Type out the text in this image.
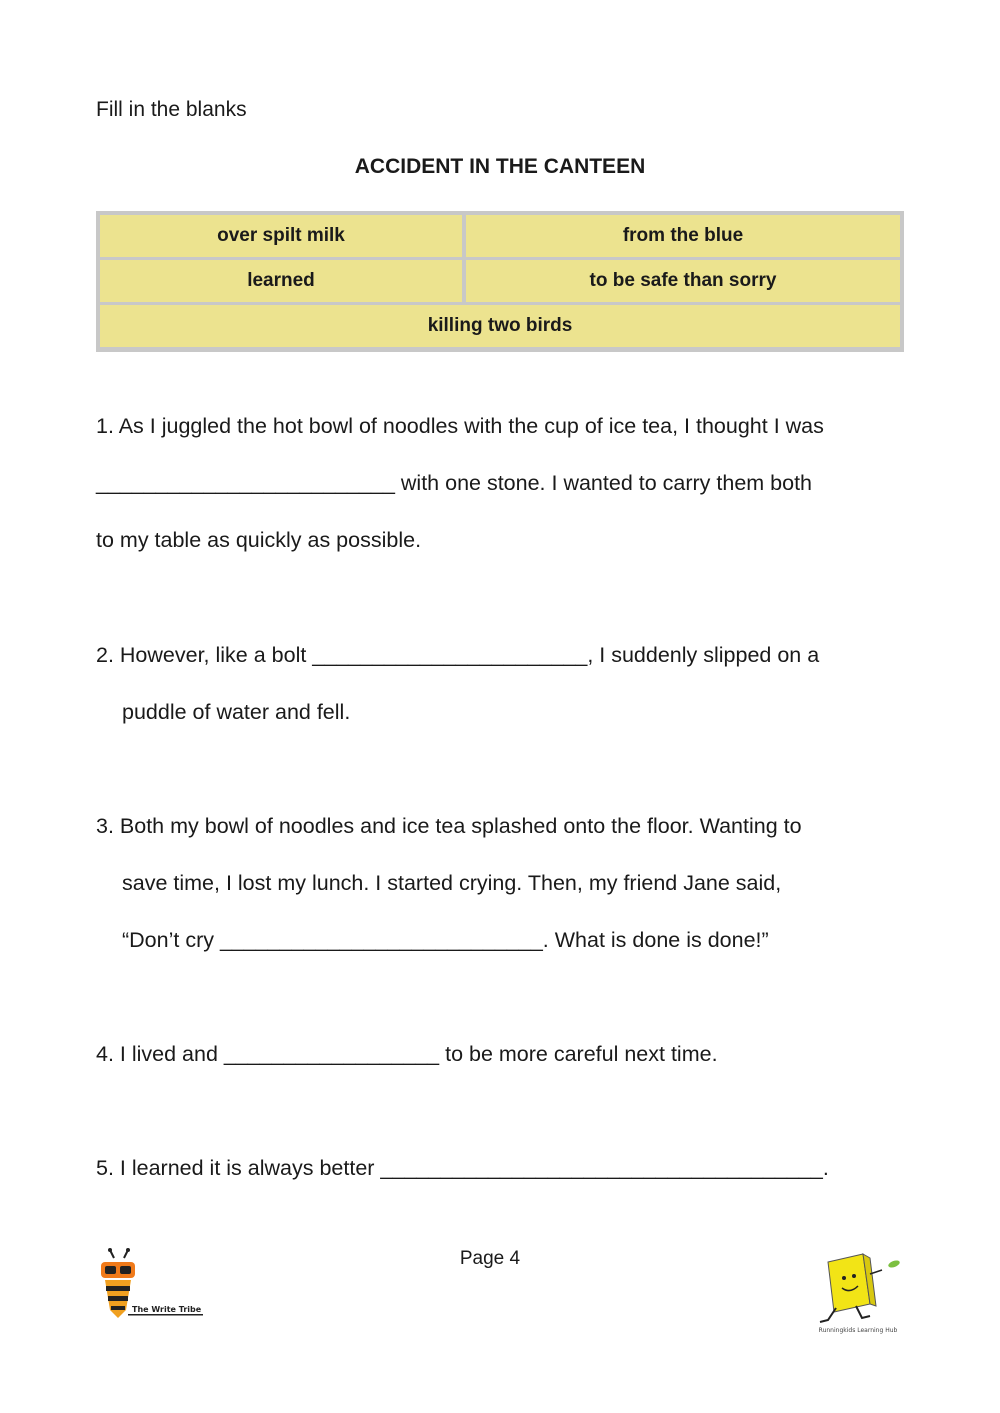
Fill in the blanks
ACCIDENT IN THE CANTEEN
over spilt milk	from the blue
learned	to be safe than sorry
killing two birds
1. As I juggled the hot bowl of noodles with the cup of ice tea, I thought I was
_________________________ with one stone. I wanted to carry them both
to my table as quickly as possible.
2. However, like a bolt _______________________, I suddenly slipped on a
puddle of water and fell.
3. Both my bowl of noodles and ice tea splashed onto the floor. Wanting to
save time, I lost my lunch. I started crying. Then, my friend Jane said,
“Don’t cry ___________________________. What is done is done!”
4. I lived and __________________ to be more careful next time.
5. I learned it is always better _____________________________________.
Page 4
The Write Tribe
Runningkids Learning Hub
